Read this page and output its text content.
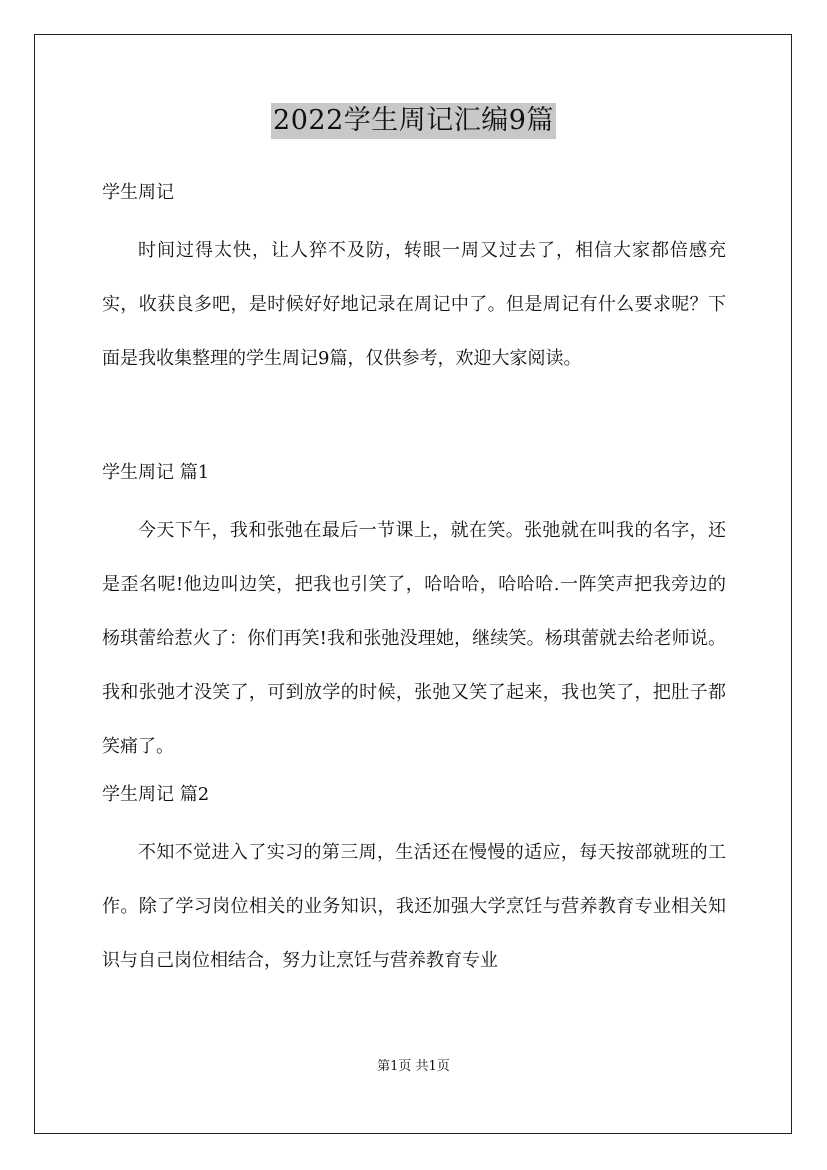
2022学生周记汇编9篇

学生周记

时间过得太快，让人猝不及防，转眼一周又过去了，相信大家都倍感充实，收获良多吧，是时候好好地记录在周记中了。但是周记有什么要求呢？下面是我收集整理的学生周记9篇，仅供参考，欢迎大家阅读。

学生周记 篇1

今天下午，我和张弛在最后一节课上，就在笑。张弛就在叫我的名字，还是歪名呢!他边叫边笑，把我也引笑了，哈哈哈，哈哈哈.一阵笑声把我旁边的杨琪蕾给惹火了：你们再笑!我和张弛没理她，继续笑。杨琪蕾就去给老师说。我和张弛才没笑了，可到放学的时候，张弛又笑了起来，我也笑了，把肚子都笑痛了。

学生周记 篇2

不知不觉进入了实习的第三周，生活还在慢慢的适应，每天按部就班的工作。除了学习岗位相关的业务知识，我还加强大学烹饪与营养教育专业相关知识与自己岗位相结合，努力让烹饪与营养教育专业

第1页 共1页
